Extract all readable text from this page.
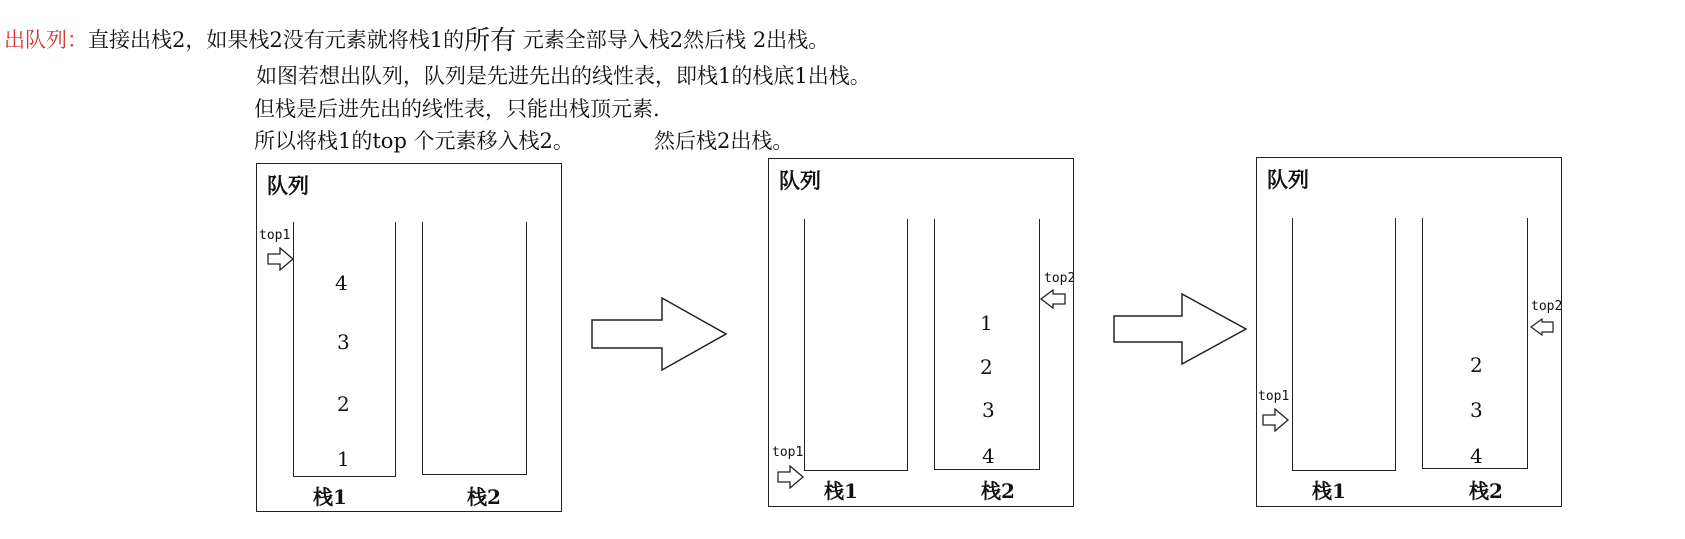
出队列：直接出栈2，如果栈2没有元素就将栈1的所有 元素全部导入栈2然后栈 2出栈。
如图若想出队列，队列是先进先出的线性表，即栈1的栈底1出栈。
但栈是后进先出的线性表，只能出栈顶元素.
所以将栈1的top 个元素移入栈2。	然后栈2出栈。
队列
4
3
2
1
top1
栈1	栈2
队列
1
2
3
4
top1
top2
栈1	栈2
队列
2
3
4
top1
top2
栈1	栈2
